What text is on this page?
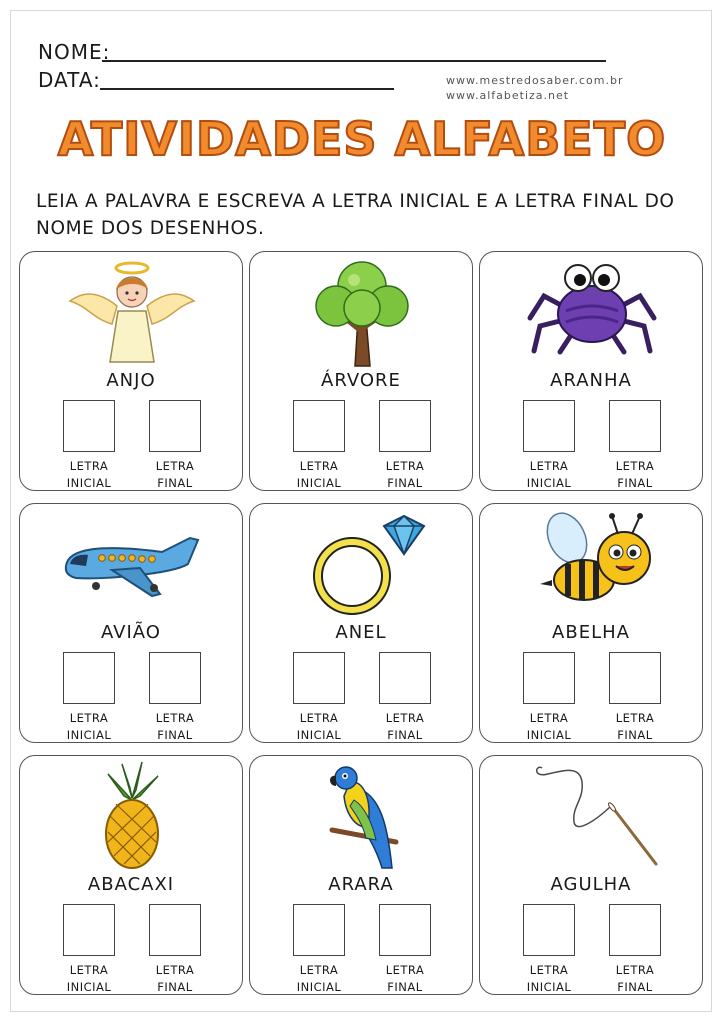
NOME:
DATA:	www.mestredosaber.com.br
www.alfabetiza.net
ATIVIDADES ALFABETO
LEIA A PALAVRA E ESCREVA A LETRA INICIAL E A LETRA FINAL DO NOME DOS DESENHOS.
ANJO
LETRA
INICIAL
LETRA
FINAL
ÁRVORE
LETRA
INICIAL
LETRA
FINAL
ARANHA
LETRA
INICIAL
LETRA
FINAL
AVIÃO
LETRA
INICIAL
LETRA
FINAL
ANEL
LETRA
INICIAL
LETRA
FINAL
ABELHA
LETRA
INICIAL
LETRA
FINAL
ABACAXI
LETRA
INICIAL
LETRA
FINAL
ARARA
LETRA
INICIAL
LETRA
FINAL
AGULHA
LETRA
INICIAL
LETRA
FINAL
